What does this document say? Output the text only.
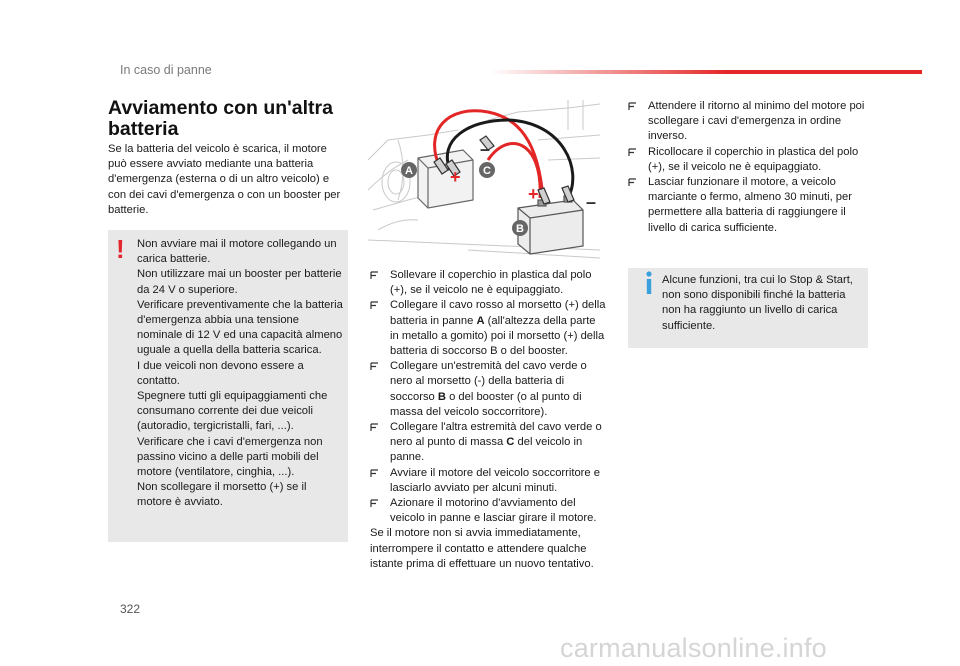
In caso di panne
Avviamento con un'altra batteria
Se la batteria del veicolo è scarica, il motore può essere avviato mediante una batteria d'emergenza (esterna o di un altro veicolo) e con dei cavi d'emergenza o con un booster per batterie.
! Non avviare mai il motore collegando un carica batterie.
Non utilizzare mai un booster per batterie da 24 V o superiore.
Verificare preventivamente che la batteria d'emergenza abbia una tensione nominale di 12 V ed una capacità almeno uguale a quella della batteria scarica.
I due veicoli non devono essere a contatto.
Spegnere tutti gli equipaggiamenti che consumano corrente dei due veicoli (autoradio, tergicristalli, fari, ...).
Verificare che i cavi d'emergenza non passino vicino a delle parti mobili del motore (ventilatore, cinghia, ...).
Non scollegare il morsetto (+) se il motore è avviato.
+
–
+	–
A	C
B
Sollevare il coperchio in plastica dal polo (+), se il veicolo ne è equipaggiato.
Collegare il cavo rosso al morsetto (+) della batteria in panne A (all'altezza della parte in metallo a gomito) poi il morsetto (+) della batteria di soccorso B o del booster.
Collegare un'estremità del cavo verde o nero al morsetto (-) della batteria di soccorso B o del booster (o al punto di massa del veicolo soccorritore).
Collegare l'altra estremità del cavo verde o nero al punto di massa C del veicolo in panne.
Avviare il motore del veicolo soccorritore e lasciarlo avviato per alcuni minuti.
Azionare il motorino d'avviamento del veicolo in panne e lasciar girare il motore.
Se il motore non si avvia immediatamente, interrompere il contatto e attendere qualche istante prima di effettuare un nuovo tentativo.
Attendere il ritorno al minimo del motore poi scollegare i cavi d'emergenza in ordine inverso.
Ricollocare il coperchio in plastica del polo (+), se il veicolo ne è equipaggiato.
Lasciar funzionare il motore, a veicolo marciante o fermo, almeno 30 minuti, per permettere alla batteria di raggiungere il livello di carica sufficiente.
Alcune funzioni, tra cui lo Stop & Start, non sono disponibili finché la batteria non ha raggiunto un livello di carica sufficiente.
322
carmanualsonline.info
